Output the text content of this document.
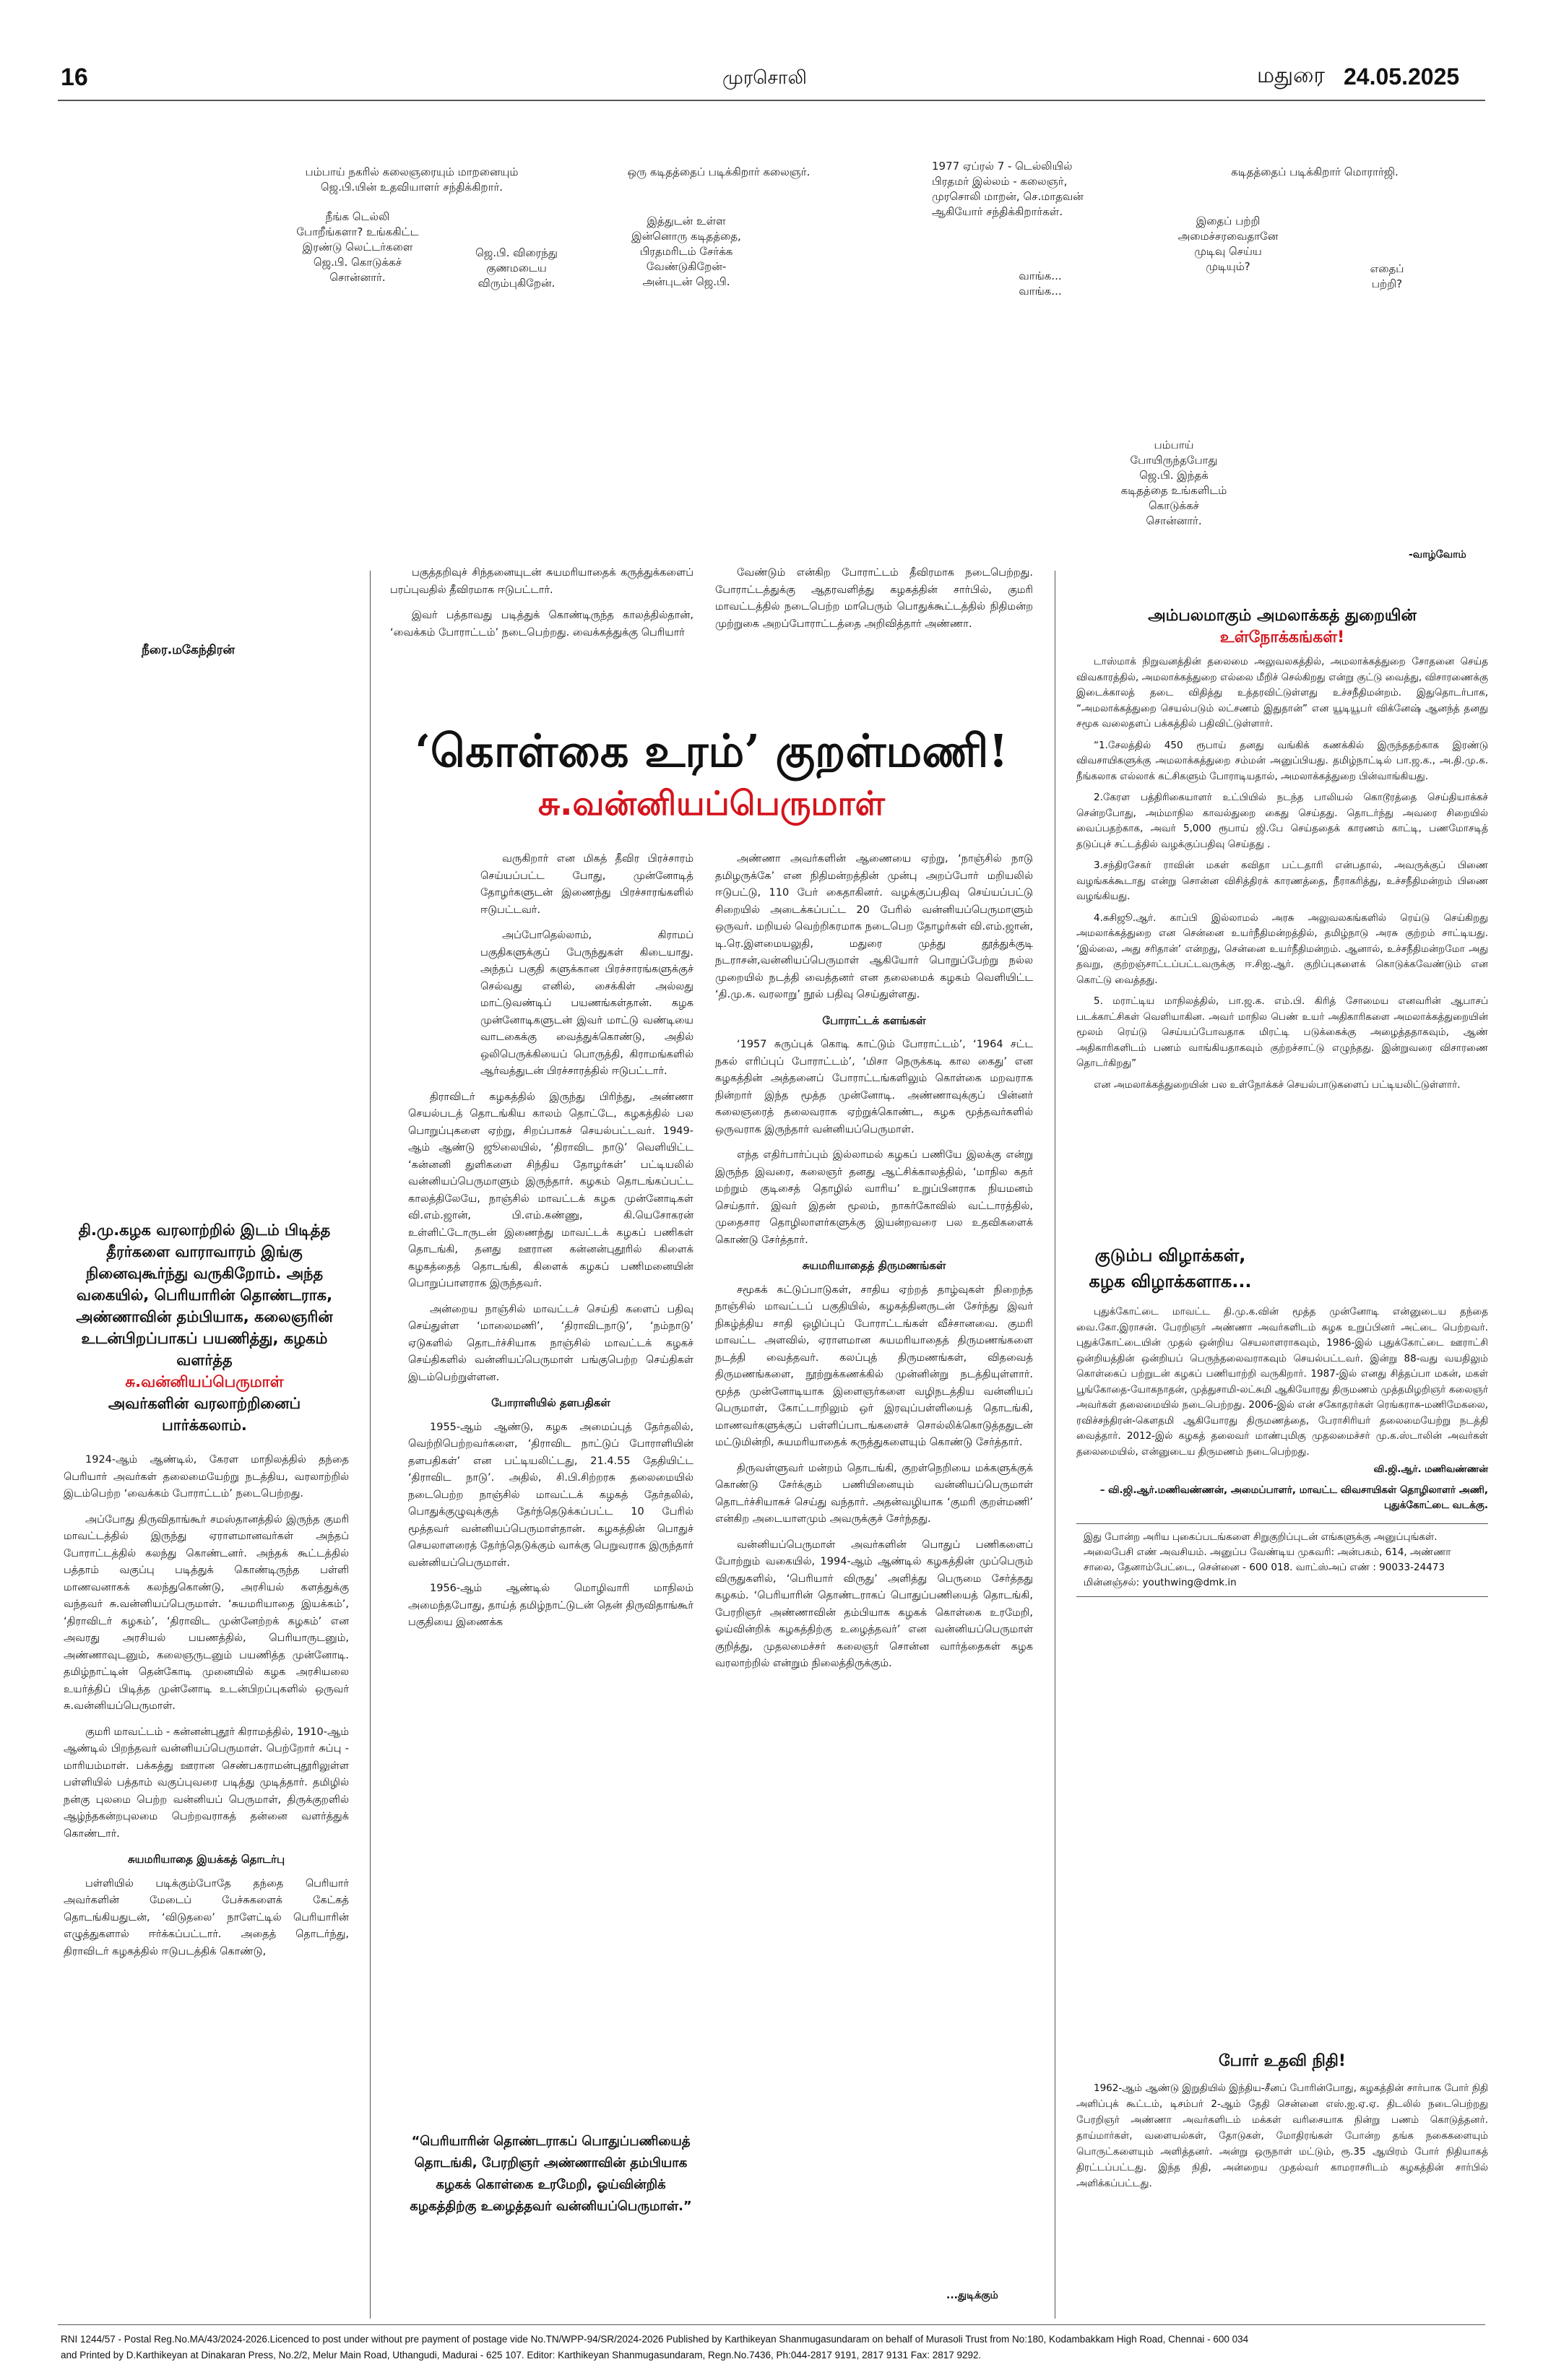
16	முரசொலி	மதுரை 24.05.2025
பம்பாய் நகரில் கலைஞரையும் மாறனையும்
ஜெ.பி.யின் உதவியாளர் சந்திக்கிறார்.
நீங்க டெல்லி
போறீங்களா? உங்ககிட்ட
இரண்டு லெட்டர்களை
ஜெ.பி. கொடுக்கச்
சொன்னார்.
ஜெ.பி. விரைந்து
குணமடைய
விரும்புகிறேன்.
ஒரு கடிதத்தைப் படிக்கிறார் கலைஞர்.
இத்துடன் உள்ள
இன்னொரு கடிதத்தை,
பிரதமரிடம் சேர்க்க
வேண்டுகிறேன்-
அன்புடன் ஜெ.பி.
1977 ஏப்ரல் 7 - டெல்லியில்
பிரதமர் இல்லம் - கலைஞர்,
முரசொலி மாறன், செ.மாதவன்
ஆகியோர் சந்திக்கிறார்கள்.
வாங்க...
வாங்க...
கடிதத்தைப் படிக்கிறார் மொரார்ஜி.
இதைப் பற்றி
அமைச்சரவைதானே
முடிவு செய்ய
முடியும்?	எதைப்
பற்றி?
பம்பாய்
போயிருந்தபோது
ஜெ.பி. இந்தக்
கடிதத்தை உங்களிடம்
கொடுக்கச்
சொன்னார்.
-வாழ்வோம்
நீரை.மகேந்திரன்
தி.மு.கழக வரலாற்றில் இடம் பிடித்த தீரர்களை வாராவாரம் இங்கு நினைவுகூர்ந்து வருகிறோம். அந்த வகையில், பெரியாரின் தொண்டராக, அண்ணாவின் தம்பியாக, கலைஞரின் உடன்பிறப்பாகப் பயணித்து, கழகம் வளர்த்த
சு.வன்னியப்பெருமாள்
அவர்களின் வரலாற்றினைப் பார்க்கலாம்.

பகுத்தறிவுச் சிந்தனையுடன் சுயமரியாதைக் கருத்துக்களைப் பரப்புவதில் தீவிரமாக ஈடுபட்டார்.

இவர் பத்தாவது படித்துக் கொண்டிருந்த காலத்தில்தான், ‘வைக்கம் போராட்டம்’ நடைபெற்றது. வைக்கத்துக்கு பெரியார்

வேண்டும் என்கிற போராட்டம் தீவிரமாக நடைபெற்றது. போராட்டத்துக்கு ஆதரவளித்து கழகத்தின் சார்பில், குமரி மாவட்டத்தில் நடைபெற்ற மாபெரும் பொதுக்கூட்டத்தில் நிதிமன்ற முற்றுகை அறப்போராட்டத்தை அறிவித்தார் அண்ணா.

‘கொள்கை உரம்’ குறள்மணி!
சு.வன்னியப்பெருமாள்

1924-ஆம் ஆண்டில், கேரள மாநிலத்தில் தந்தை பெரியார் அவர்கள் தலைமையேற்று நடத்திய, வரலாற்றில் இடம்பெற்ற ‘வைக்கம் போராட்டம்’ நடைபெற்றது.

அப்போது திருவிதாங்கூர் சமஸ்தானத்தில் இருந்த குமரி மாவட்டத்தில் இருந்து ஏராளமானவர்கள் அந்தப் போராட்டத்தில் கலந்து கொண்டனர். அந்தக் கூட்டத்தில் பத்தாம் வகுப்பு படித்துக் கொண்டிருந்த பள்ளி மாணவனாகக் கலந்துகொண்டு, அரசியல் களத்துக்கு வந்தவர் சு.வன்னியப்பெருமாள். ‘சுயமரியாதை இயக்கம்’, ‘திராவிடர் கழகம்’, ‘திராவிட முன்னேற்றக் கழகம்’ என அவரது அரசியல் பயணத்தில், பெரியாருடனும், அண்ணாவுடனும், கலைஞருடனும் பயணித்த முன்னோடி. தமிழ்நாட்டின் தென்கோடி முனையில் கழக அரசியலை உயர்த்திப் பிடித்த முன்னோடி உடன்பிறப்புகளில் ஒருவர் சு.வன்னியப்பெருமாள்.

குமரி மாவட்டம் - கன்னன்புதூர் கிராமத்தில், 1910-ஆம் ஆண்டில் பிறந்தவர் வன்னியப்பெருமாள். பெற்றோர் சுப்பு - மாரியம்மாள். பக்கத்து ஊரான செண்பகராமன்புதூரிலுள்ள பள்ளியில் பத்தாம் வகுப்புவரை படித்து முடித்தார். தமிழில் நன்கு புலமை பெற்ற வன்னியப் பெருமாள், திருக்குறளில் ஆழ்ந்தகன்றபுலமை பெற்றவராகத் தன்னை வளர்த்துக் கொண்டார்.

சுயமரியாதை இயக்கத் தொடர்பு

பள்ளியில் படிக்கும்போதே தந்தை பெரியார் அவர்களின் மேடைப் பேச்சுகளைக் கேட்கத் தொடங்கியதுடன், ‘விடுதலை’ நாளேட்டில் பெரியாரின் எழுத்துகளால் ஈர்க்கப்பட்டார். அதைத் தொடர்ந்து, திராவிடர் கழகத்தில் ஈடுபடத்திக் கொண்டு,

வருகிறார் என மிகத் தீவிர பிரச்சாரம் செய்யப்பட்ட போது, முன்னோடித் தோழர்களுடன் இணைந்து பிரச்சாரங்களில் ஈடுபட்டவர்.

அப்போதெல்லாம், கிராமப் பகுதிகளுக்குப் பேருந்துகள் கிடையாது. அந்தப் பகுதி களுக்கான பிரச்சாரங்களுக்குச் செல்வது எனில், சைக்கிள் அல்லது மாட்டுவண்டிப் பயணங்கள்தான். கழக முன்னோடிகளுடன் இவர் மாட்டு வண்டியை வாடகைக்கு வைத்துக்கொண்டு, அதில் ஒலிபெருக்கியைப் பொருத்தி, கிராமங்களில் ஆர்வத்துடன் பிரச்சாரத்தில் ஈடுபட்டார்.

திராவிடர் கழகத்தில் இருந்து பிரிந்து, அண்ணா செயல்படத் தொடங்கிய காலம் தொட்டே, கழகத்தில் பல பொறுப்புகளை ஏற்று, சிறப்பாகச் செயல்பட்டவர். 1949-ஆம் ஆண்டு ஜூலையில், ‘திராவிட நாடு’ வெளியிட்ட ‘கன்னனி துளிகளை சிந்திய தோழர்கள்’ பட்டியலில் வன்னியப்பெருமாளும் இருந்தார். கழகம் தொடங்கப்பட்ட காலத்திலேயே, நாஞ்சில் மாவட்டக் கழக முன்னோடிகள் வி.எம்.ஜான், பி.எம்.கண்ணு, கி.யெசோகரன் உள்ளிட்டோருடன் இணைந்து மாவட்டக் கழகப் பணிகள் தொடங்கி, தனது ஊரான கன்னன்புதூரில் கிளைக் கழகத்தைத் தொடங்கி, கிளைக் கழகப் பணிமனையின் பொறுப்பாளராக இருந்தவர்.

அன்றைய நாஞ்சில் மாவட்டச் செய்தி களைப் பதிவு செய்துள்ள ‘மாலைமணி’, ‘திராவிடநாடு’, ‘நம்நாடு’ ஏடுகளில் தொடர்ச்சியாக நாஞ்சில் மாவட்டக் கழகச் செய்திகளில் வன்னியப்பெருமாள் பங்குபெற்ற செய்திகள் இடம்பெற்றுள்ளன.

போராளியில் தளபதிகள்

1955-ஆம் ஆண்டு, கழக அமைப்புத் தேர்தலில், வெற்றிபெற்றவர்களை, ‘திராவிட நாட்டுப் போராளியின் தளபதிகள்’ என பட்டியலிட்டது, 21.4.55 தேதியிட்ட ‘திராவிட நாடு’. அதில், சி.பி.சிற்றரசு தலைமையில் நடைபெற்ற நாஞ்சில் மாவட்டக் கழகத் தேர்தலில், பொதுக்குழுவுக்குத் தேர்ந்தெடுக்கப்பட்ட 10 பேரில் மூத்தவர் வன்னியப்பெருமாள்தான். கழகத்தின் பொதுச் செயலாளரைத் தேர்ந்தெடுக்கும் வாக்கு பெறுவராக இருந்தார் வன்னியப்பெருமாள்.

1956-ஆம் ஆண்டில் மொழிவாரி மாநிலம் அமைந்தபோது, தாய்த் தமிழ்நாட்டுடன் தென் திருவிதாங்கூர் பகுதியை இணைக்க

“பெரியாரின் தொண்டராகப் பொதுப்பணியைத் தொடங்கி, பேரறிஞர் அண்ணாவின் தம்பியாக கழகக் கொள்கை உரமேறி, ஓய்வின்றிக் கழகத்திற்கு உழைத்தவர் வன்னியப்பெருமாள்.”

அண்ணா அவர்களின் ஆணையை ஏற்று, ‘நாஞ்சில் நாடு தமிழருக்கே’ என நிதிமன்றத்தின் முன்பு அறப்போர் மறியலில் ஈடுபட்டு, 110 பேர் கைதாகினர். வழக்குப்பதிவு செய்யப்பட்டு சிறையில் அடைக்கப்பட்ட 20 பேரில் வன்னியப்பெருமாளும் ஒருவர். மறியல் வெற்றிகரமாக நடைபெற தோழர்கள் வி.எம்.ஜான், டி.ரெ.இளமையலுதி, மதுரை முத்து தூத்துக்குடி நடராசன்,வன்னியப்பெருமாள் ஆகியோர் பொறுப்பேற்று நல்ல முறையில் நடத்தி வைத்தனர் என தலைமைக் கழகம் வெளியிட்ட ‘தி.மு.க. வரலாறு’ நூல் பதிவு செய்துள்ளது.

போராட்டக் களங்கள்

‘1957 சுருப்புக் கொடி காட்டும் போராட்டம்’, ‘1964 சட்ட நகல் எரிப்புப் போராட்டம்’, ‘மிசா நெருக்கடி கால கைது’ என கழகத்தின் அத்தனைப் போராட்டங்களிலும் கொள்கை மறவராக நின்றார் இந்த மூத்த முன்னோடி. அண்ணாவுக்குப் பின்னர் கலைஞரைத் தலைவராக ஏற்றுக்கொண்ட, கழக மூத்தவர்களில் ஒருவராக இருந்தார் வன்னியப்பெருமாள்.

எந்த எதிர்பார்ப்பும் இல்லாமல் கழகப் பணியே இலக்கு என்று இருந்த இவரை, கலைஞர் தனது ஆட்சிக்காலத்தில், ‘மாநில கதர் மற்றும் குடிசைத் தொழில் வாரிய’ உறுப்பினராக நியமனம் செய்தார். இவர் இதன் மூலம், நாகர்கோவில் வட்டாரத்தில், முதைசார தொழிலாளர்களுக்கு இயன்றவரை பல உதவிகளைக் கொண்டு சேர்த்தார்.

சுயமரியாதைத் திருமணங்கள்

சமூகக் கட்டுப்பாடுகள், சாதிய ஏற்றத் தாழ்வுகள் நிறைந்த நாஞ்சில் மாவட்டப் பகுதியில், கழகத்தினருடன் சேர்ந்து இவர் நிகழ்த்திய சாதி ஒழிப்புப் போராட்டங்கள் வீச்சானவை. குமரி மாவட்ட அளவில், ஏராளமான சுயமரியாதைத் திருமணங்களை நடத்தி வைத்தவர். கலப்புத் திருமணங்கள், விதவைத் திருமணங்களை, நூற்றுக்கணக்கில் முன்னின்று நடத்தியுள்ளார். மூத்த முன்னோடியாக இளைஞர்களை வழிநடத்திய வன்னியப் பெருமாள், கோட்டாறிலும் ஒர் இரவுப்பள்ளியைத் தொடங்கி, மாணவர்களுக்குப் பள்ளிப்பாடங்களைச் சொல்லிக்கொடுத்ததுடன் மட்டுமின்றி, சுயமரியாதைக் கருத்துகளையும் கொண்டு சேர்த்தார்.

திருவள்ளுவர் மன்றம் தொடங்கி, குறள்நெறியை மக்களுக்குக் கொண்டு சேர்க்கும் பணியினையும் வன்னியப்பெருமாள் தொடர்ச்சியாகச் செய்து வந்தார். அதன்வழியாக ‘குமரி குறள்மணி’ என்கிற அடையாளமும் அவருக்குச் சேர்ந்தது.

வன்னியப்பெருமாள் அவர்களின் பொதுப் பணிகளைப் போற்றும் வகையில், 1994-ஆம் ஆண்டில் கழகத்தின் முப்பெரும் விருதுகளில், ‘பெரியார் விருது’ அளித்து பெருமை சேர்த்தது கழகம். ‘பெரியாரின் தொண்டராகப் பொதுப்பணியைத் தொடங்கி, பேரறிஞர் அண்ணாவின் தம்பியாக கழகக் கொள்கை உரமேறி, ஓய்வின்றிக் கழகத்திற்கு உழைத்தவர்’ என வன்னியப்பெருமாள் குறித்து, முதலமைச்சர் கலைஞர் சொன்ன வார்த்தைகள் கழக வரலாற்றில் என்றும் நிலைத்திருக்கும்.

...துடிக்கும்
அம்பலமாகும் அமலாக்கத் துறையின்
உள்நோக்கங்கள்!

டாஸ்மாக் நிறுவனத்தின் தலைமை அலுவலகத்தில், அமலாக்கத்துறை சோதனை செய்த விவகாரத்தில், அமலாக்கத்துறை எல்லை மீறிச் செல்கிறது என்று குட்டு வைத்து, விசாரணைக்கு இடைக்காலத் தடை விதித்து உத்தரவிட்டுள்ளது உச்சநீதிமன்றம். இதுதொடர்பாக, “அமலாக்கத்துறை செயல்படும் லட்சணம் இதுதான்” என யூடியூபர் விக்னேஷ் ஆனந்த் தனது சமூக வலைதளப் பக்கத்தில் பதிவிட்டுள்ளார்.

“1.சேலத்தில் 450 ரூபாய் தனது வங்கிக் கணக்கில் இருந்ததற்காக இரண்டு விவசாயிகளுக்கு அமலாக்கத்துறை சம்மன் அனுப்பியது. தமிழ்நாட்டில் பா.ஜ.க., அ.தி.மு.க. நீங்கலாக எல்லாக் கட்சிகளும் போராடியதால், அமலாக்கத்துறை பின்வாங்கியது.

2.கேரள பத்திரிகையாளர் உட்பியில் நடந்த பாலியல் கொடூரத்தை செய்தியாக்கச் சென்றபோது, அம்மாநில காவல்துறை கைது செய்தது. தொடர்ந்து அவரை சிறையில் வைப்பதற்காக, அவர் 5,000 ரூபாய் ஜி.பே செய்ததைக் காரணம் காட்டி, பணமோசடித் தடுப்புச் சட்டத்தில் வழக்குப்பதிவு செய்தது .

3.சந்திரசேகர் ராவின் மகள் கவிதா பட்டதாரி என்பதால், அவருக்குப் பிணை வழங்கக்கூடாது என்று சொன்ன விசித்திரக் காரணத்தை, நீராகரித்து, உச்சநீதிமன்றம் பிணை வழங்கியது.

4.சுசிஜூ.ஆர். காப்பி இல்லாமல் அரசு அலுவலகங்களில் ரெய்டு செய்கிறது அமலாக்கத்துறை என சென்னை உயர்நீதிமன்றத்தில், தமிழ்நாடு அரசு குற்றம் சாட்டியது. ‘இல்லை, அது சரிதான்’ என்றது, சென்னை உயர்நீதிமன்றம். ஆனால், உச்சநீதிமன்றமோ அது தவறு, குற்றஞ்சாட்டப்பட்டவருக்கு ஈ.சிஐ.ஆர். குறிப்புகளைக் கொடுக்கவேண்டும் என கொட்டு வைத்தது.

5. மராட்டிய மாநிலத்தில், பா.ஜ.க. எம்.பி. கிரித் சோமைய எனவரின் ஆபாசப் படக்காட்சிகள் வெளியாகின. அவர் மாநில பெண் உயர் அதிகாரிகளை அமலாக்கத்துறையின் மூலம் ரெய்டு செய்யப்போவதாக மிரட்டி படுக்கைக்கு அழைத்ததாகவும், ஆண் அதிகாரிகளிடம் பணம் வாங்கியதாகவும் குற்றச்சாட்டு எழுந்தது. இன்றுவரை விசாரணை தொடர்கிறது”

என அமலாக்கத்துறையின் பல உள்நோக்கச் செயல்பாடுகளைப் பட்டியலிட்டுள்ளார்.

குடும்ப விழாக்கள், கழக விழாக்களாக...
புதுக்கோட்டை மாவட்ட தி.மு.க.வின் மூத்த முன்னோடி என்னுடைய தந்தை வை.கோ.இராசன். பேரறிஞர் அண்ணா அவர்களிடம் கழக உறுப்பினர் அட்டை பெற்றவர். புதுக்கோட்டையின் முதல் ஒன்றிய செயலாளராகவும், 1986-இல் புதுக்கோட்டை ஊராட்சி ஒன்றியத்தின் ஒன்றியப் பெருந்தலைவராகவும் செயல்பட்டவர். இன்று 88-வது வயதிலும் கொள்கைப் பற்றுடன் கழகப் பணியாற்றி வருகிறார். 1987-இல் எனது சித்தப்பா மகன், மகள் பூங்கோதை-யோகநாதன், முத்துசாமி-லட்சுமி ஆகியோரது திருமணம் முத்தமிழறிஞர் கலைஞர் அவர்கள் தலைமையில் நடைபெற்றது. 2006-இல் என் சகோதரர்கள் ரெங்கராசு-மணிமேகலை, ரவிச்சந்திரன்-கௌதமி ஆகியோரது திருமணத்தை, பேராசிரியர் தலைமையேற்று நடத்தி வைத்தார். 2012-இல் கழகத் தலைவர் மாண்புமிகு முதலமைச்சர் மு.க.ஸ்டாலின் அவர்கள் தலைமையில், என்னுடைய திருமணம் நடைபெற்றது.
வி.ஜி.ஆர். மணிவண்ணன்
– வி.ஜி.ஆர்.மணிவண்ணன், அமைப்பாளர், மாவட்ட விவசாயிகள் தொழிலாளர் அணி, புதுக்கோட்டை வடக்கு.
இது போன்ற அரிய புகைப்படங்களை சிறுகுறிப்புடன் எங்களுக்கு அனுப்புங்கள். அலைபேசி எண் அவசியம். அனுப்ப வேண்டிய முகவரி: அன்பகம், 614, அண்ணா சாலை, தேனாம்பேட்டை, சென்னை - 600 018. வாட்ஸ்அப் எண் : 90033-24473 மின்னஞ்சல்: youthwing@dmk.in
போர் உதவி நிதி!
1962-ஆம் ஆண்டு இறுதியில் இந்திய-சீனப் போரின்போது, கழகத்தின் சார்பாக போர் நிதி அளிப்புக் கூட்டம், டிசம்பர் 2-ஆம் தேதி சென்னை எஸ்.ஐ.ஏ.ஏ. திடலில் நடைபெற்றது பேரறிஞர் அண்ணா அவர்களிடம் மக்கள் வரிசையாக நின்று பணம் கொடுத்தனர். தாய்மார்கள், வளையல்கள், தோடுகள், மோதிரங்கள் போன்ற தங்க நகைகளையும் பொருட்களையும் அளித்தனர். அன்று ஒருநாள் மட்டும், ரூ.35 ஆயிரம் போர் நிதியாகத் திரட்டப்பட்டது. இந்த நிதி, அன்றைய முதல்வர் காமராசரிடம் கழகத்தின் சார்பில் அளிக்கப்பட்டது.
RNI 1244/57 - Postal Reg.No.MA/43/2024-2026.Licenced to post under without pre payment of postage vide No.TN/WPP-94/SR/2024-2026 Published by Karthikeyan Shanmugasundaram on behalf of Murasoli Trust from No:180, Kodambakkam High Road, Chennai - 600 034
and Printed by D.Karthikeyan at Dinakaran Press, No.2/2, Melur Main Road, Uthangudi, Madurai - 625 107. Editor: Karthikeyan Shanmugasundaram, Regn.No.7436, Ph:044-2817 9191, 2817 9131 Fax: 2817 9292.
